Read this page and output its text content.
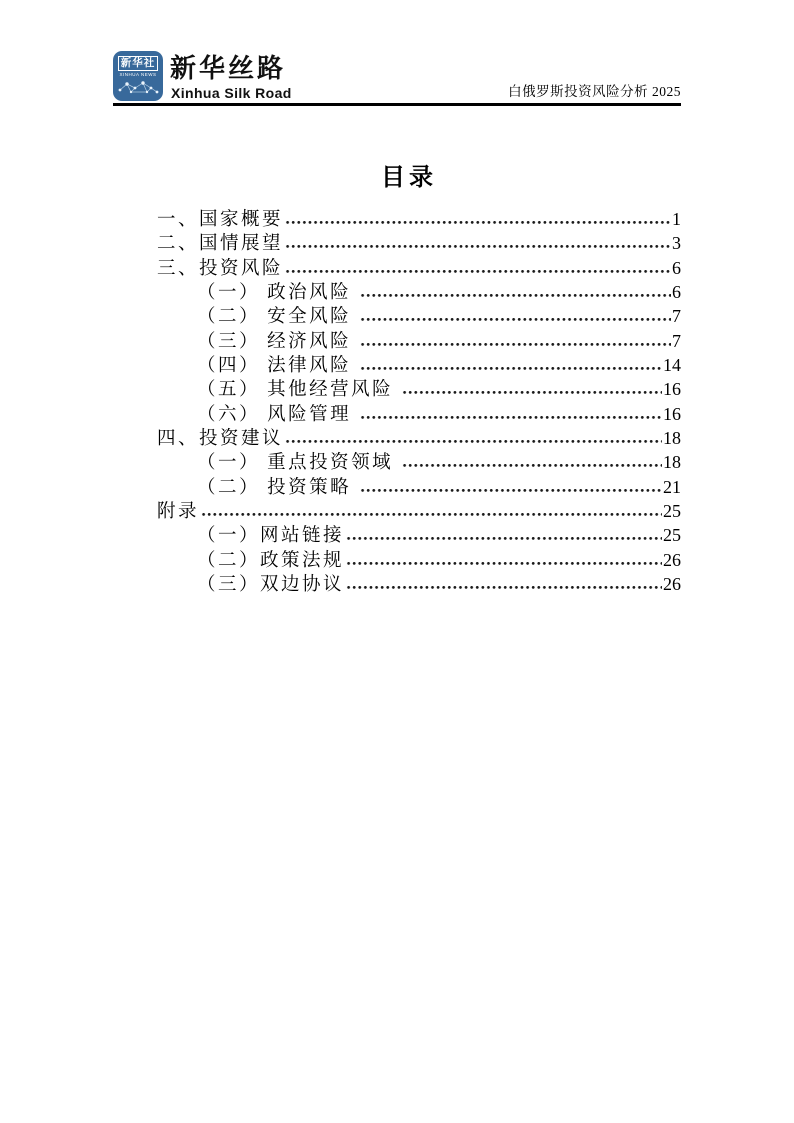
新华社
XINHUA NEWS 新华丝路
Xinhua Silk Road	白俄罗斯投资风险分析 2025
目录
一、国家概要	1
二、国情展望	3
三、投资风险	6
（一） 政治风险	6
（二） 安全风险	7
（三） 经济风险	7
（四） 法律风险	14
（五） 其他经营风险	16
（六） 风险管理	16
四、投资建议	18
（一） 重点投资领域	18
（二） 投资策略	21
附录	25
（一）网站链接	25
（二）政策法规	26
（三）双边协议	26
